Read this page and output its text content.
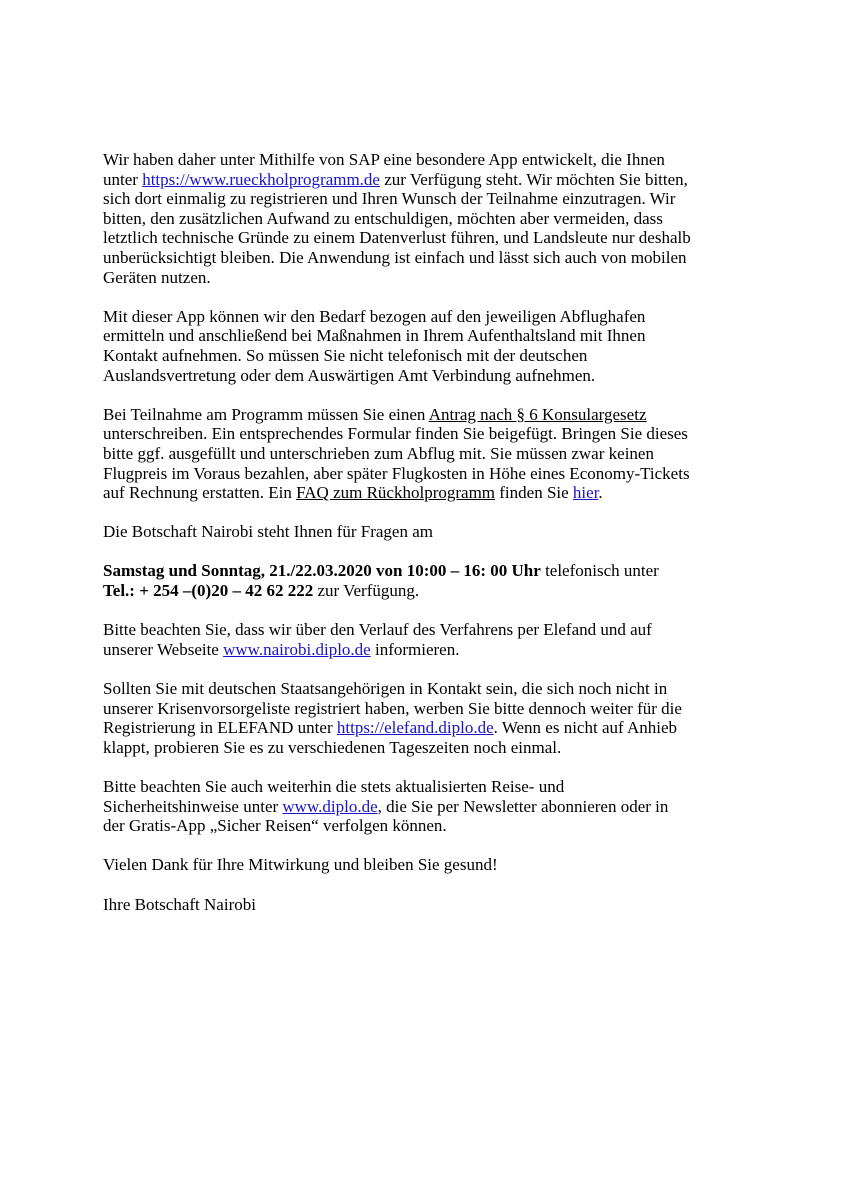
Wir haben daher unter Mithilfe von SAP eine besondere App entwickelt, die Ihnen unter https://www.rueckholprogramm.de zur Verfügung steht. Wir möchten Sie bitten, sich dort einmalig zu registrieren und Ihren Wunsch der Teilnahme einzutragen. Wir bitten, den zusätzlichen Aufwand zu entschuldigen, möchten aber vermeiden, dass letztlich technische Gründe zu einem Datenverlust führen, und Landsleute nur deshalb unberücksichtigt bleiben. Die Anwendung ist einfach und lässt sich auch von mobilen Geräten nutzen.

Mit dieser App können wir den Bedarf bezogen auf den jeweiligen Abflughafen ermitteln und anschließend bei Maßnahmen in Ihrem Aufenthaltsland mit Ihnen Kontakt aufnehmen. So müssen Sie nicht telefonisch mit der deutschen Auslandsvertretung oder dem Auswärtigen Amt Verbindung aufnehmen.

Bei Teilnahme am Programm müssen Sie einen Antrag nach § 6 Konsulargesetz unterschreiben. Ein entsprechendes Formular finden Sie beigefügt. Bringen Sie dieses bitte ggf. ausgefüllt und unterschrieben zum Abflug mit. Sie müssen zwar keinen Flugpreis im Voraus bezahlen, aber später Flugkosten in Höhe eines Economy-Tickets auf Rechnung erstatten. Ein FAQ zum Rückholprogramm finden Sie hier.

Die Botschaft Nairobi steht Ihnen für Fragen am

Samstag und Sonntag, 21./22.03.2020 von 10:00 – 16: 00 Uhr telefonisch unter Tel.: + 254 –(0)20 – 42 62 222 zur Verfügung.

Bitte beachten Sie, dass wir über den Verlauf des Verfahrens per Elefand und auf unserer Webseite www.nairobi.diplo.de informieren.

Sollten Sie mit deutschen Staatsangehörigen in Kontakt sein, die sich noch nicht in unserer Krisenvorsorgeliste registriert haben, werben Sie bitte dennoch weiter für die Registrierung in ELEFAND unter https://elefand.diplo.de. Wenn es nicht auf Anhieb klappt, probieren Sie es zu verschiedenen Tageszeiten noch einmal.

Bitte beachten Sie auch weiterhin die stets aktualisierten Reise- und Sicherheitshinweise unter www.diplo.de, die Sie per Newsletter abonnieren oder in der Gratis-App „Sicher Reisen“ verfolgen können.

Vielen Dank für Ihre Mitwirkung und bleiben Sie gesund!

Ihre Botschaft Nairobi
